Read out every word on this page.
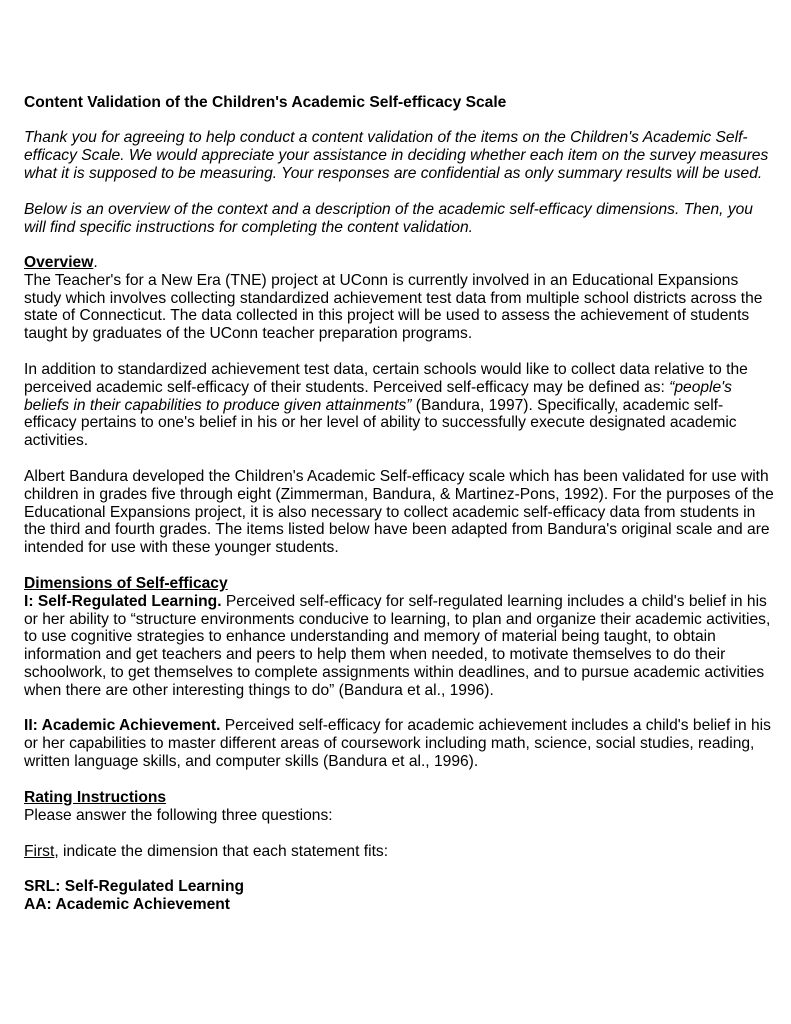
Content Validation of the Children's Academic Self-efficacy Scale

Thank you for agreeing to help conduct a content validation of the items on the Children's Academic Self-efficacy Scale. We would appreciate your assistance in deciding whether each item on the survey measures what it is supposed to be measuring. Your responses are confidential as only summary results will be used.

Below is an overview of the context and a description of the academic self-efficacy dimensions. Then, you will find specific instructions for completing the content validation.

Overview.

The Teacher's for a New Era (TNE) project at UConn is currently involved in an Educational Expansions study which involves collecting standardized achievement test data from multiple school districts across the state of Connecticut. The data collected in this project will be used to assess the achievement of students taught by graduates of the UConn teacher preparation programs.

In addition to standardized achievement test data, certain schools would like to collect data relative to the perceived academic self-efficacy of their students. Perceived self-efficacy may be defined as: “people's beliefs in their capabilities to produce given attainments” (Bandura, 1997). Specifically, academic self-efficacy pertains to one's belief in his or her level of ability to successfully execute designated academic activities.

Albert Bandura developed the Children's Academic Self-efficacy scale which has been validated for use with children in grades five through eight (Zimmerman, Bandura, & Martinez-Pons, 1992). For the purposes of the Educational Expansions project, it is also necessary to collect academic self-efficacy data from students in the third and fourth grades. The items listed below have been adapted from Bandura's original scale and are intended for use with these younger students.

Dimensions of Self-efficacy

I: Self-Regulated Learning. Perceived self-efficacy for self-regulated learning includes a child's belief in his or her ability to “structure environments conducive to learning, to plan and organize their academic activities, to use cognitive strategies to enhance understanding and memory of material being taught, to obtain information and get teachers and peers to help them when needed, to motivate themselves to do their schoolwork, to get themselves to complete assignments within deadlines, and to pursue academic activities when there are other interesting things to do” (Bandura et al., 1996).

II: Academic Achievement. Perceived self-efficacy for academic achievement includes a child's belief in his or her capabilities to master different areas of coursework including math, science, social studies, reading, written language skills, and computer skills (Bandura et al., 1996).

Rating Instructions

Please answer the following three questions:

First, indicate the dimension that each statement fits:

SRL: Self-Regulated Learning

AA: Academic Achievement
